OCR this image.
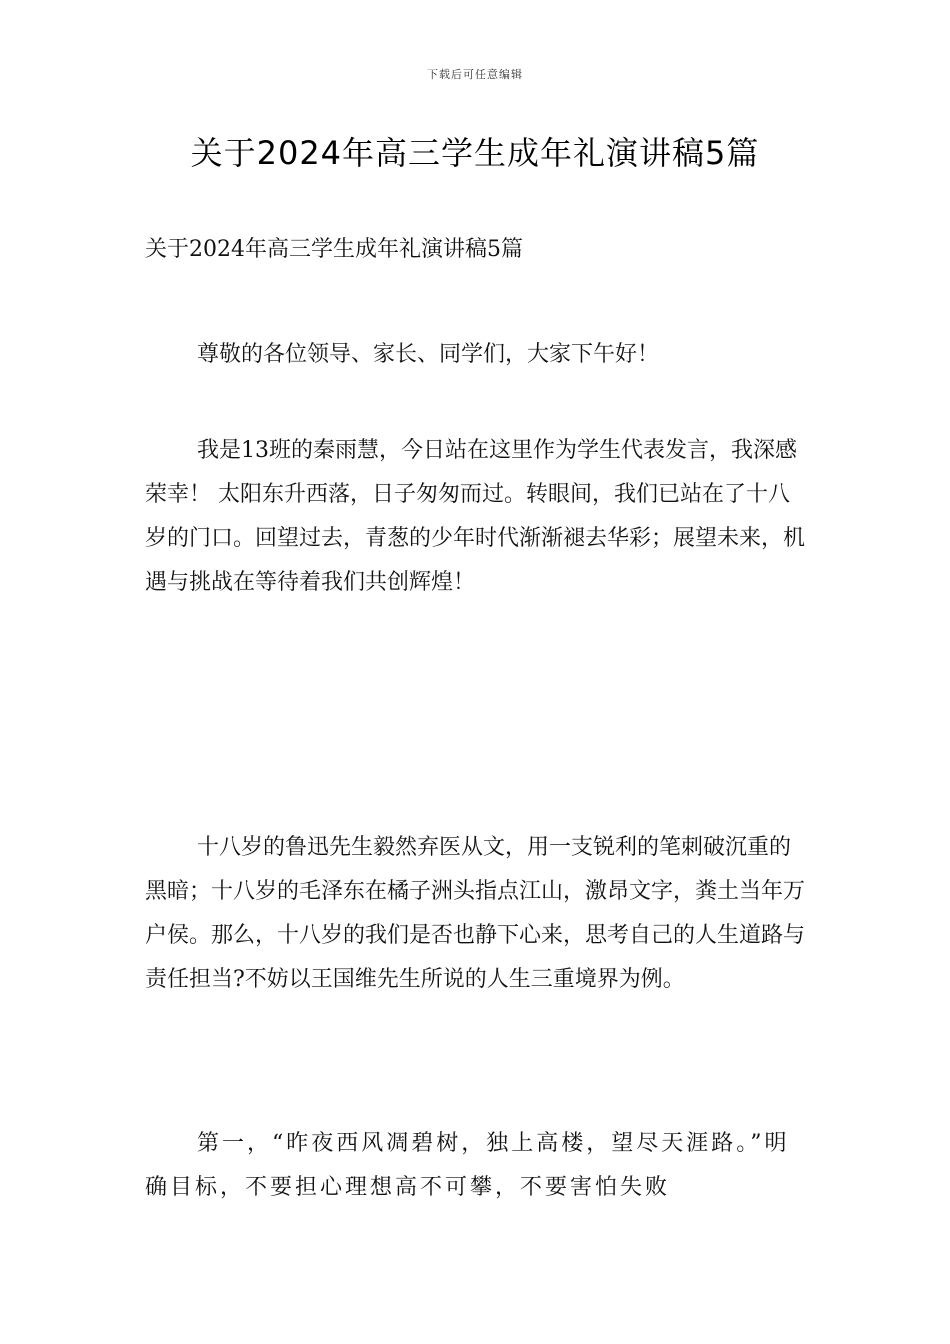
下载后可任意编辑
关于2024年高三学生成年礼演讲稿5篇

关于2024年高三学生成年礼演讲稿5篇

尊敬的各位领导、家长、同学们，大家下午好！

我是13班的秦雨慧，今日站在这里作为学生代表发言，我深感荣幸！ 太阳东升西落，日子匆匆而过。转眼间，我们已站在了十八岁的门口。回望过去，青葱的少年时代渐渐褪去华彩；展望未来，机遇与挑战在等待着我们共创辉煌！

十八岁的鲁迅先生毅然弃医从文，用一支锐利的笔刺破沉重的黑暗；十八岁的毛泽东在橘子洲头指点江山，激昂文字，粪土当年万户侯。那么，十八岁的我们是否也静下心来，思考自己的人生道路与责任担当?不妨以王国维先生所说的人生三重境界为例。

第一，“昨夜西风凋碧树，独上高楼，望尽天涯路。”明确目标，不要担心理想高不可攀，不要害怕失败
